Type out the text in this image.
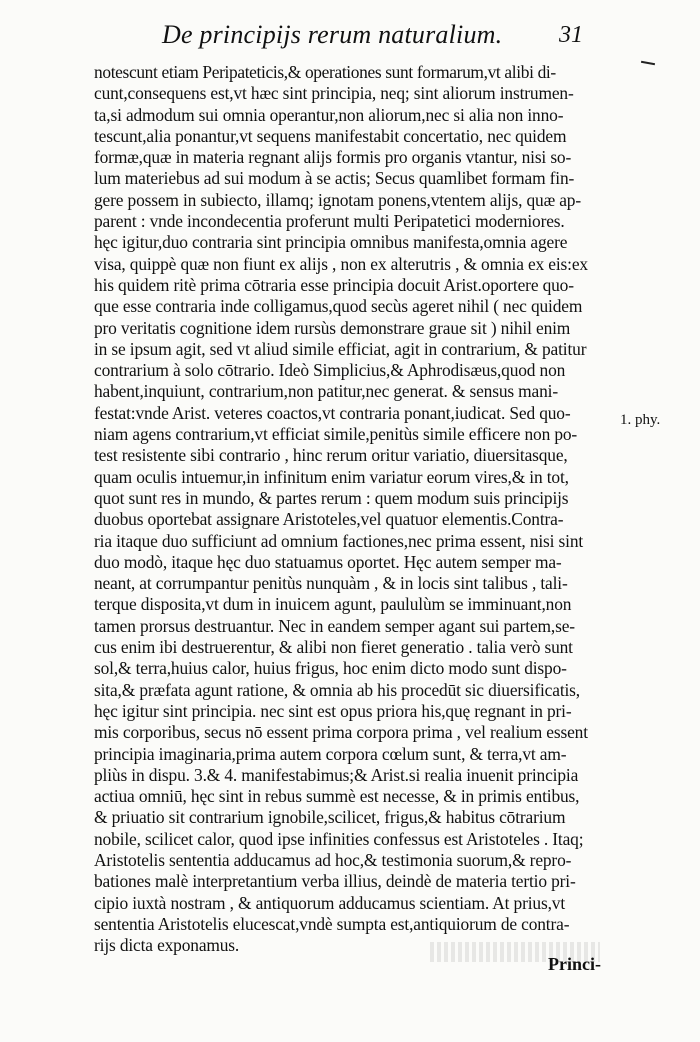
De principijs rerum naturalium. 31
notescunt etiam Peripateticis,& operationes sunt formarum,vt alibi di-
cunt,consequens est,vt hæc sint principia, neq; sint aliorum instrumen-
ta,si admodum sui omnia operantur,non aliorum,nec si alia non inno-
tescunt,alia ponantur,vt sequens manifestabit concertatio, nec quidem
formæ,quæ in materia regnant alijs formis pro organis vtantur, nisi so-
lum materiebus ad sui modum à se actis; Secus quamlibet formam fin-
gere possem in subiecto, illamq; ignotam ponens,vtentem alijs, quæ ap-
parent : vnde incondecentia proferunt multi Peripatetici moderniores.
hęc igitur,duo contraria sint principia omnibus manifesta,omnia agere
visa, quippè quæ non fiunt ex alijs , non ex alterutris , & omnia ex eis:ex
his quidem ritè prima cōtraria esse principia docuit Arist.oportere quo-
que esse contraria inde colligamus,quod secùs ageret nihil ( nec quidem
pro veritatis cognitione idem rursùs demonstrare graue sit ) nihil enim
in se ipsum agit, sed vt aliud simile efficiat, agit in contrarium, & patitur
contrarium à solo cōtrario. Ideò Simplicius,& Aphrodisæus,quod non
habent,inquiunt, contrarium,non patitur,nec generat. & sensus mani-
festat:vnde Arist. veteres coactos,vt contraria ponant,iudicat. Sed quo-
niam agens contrarium,vt efficiat simile,penitùs simile efficere non po-
test resistente sibi contrario , hinc rerum oritur variatio, diuersitasque,
quam oculis intuemur,in infinitum enim variatur eorum vires,& in tot,
quot sunt res in mundo, & partes rerum : quem modum suis principijs
duobus oportebat assignare Aristoteles,vel quatuor elementis.Contra-
ria itaque duo sufficiunt ad omnium factiones,nec prima essent, nisi sint
duo modò, itaque hęc duo statuamus oportet. Hęc autem semper ma-
neant, at corrumpantur penitùs nunquàm , & in locis sint talibus , tali-
terque disposita,vt dum in inuicem agunt, paululùm se imminuant,non
tamen prorsus destruantur. Nec in eandem semper agant sui partem,se-
cus enim ibi destruerentur, & alibi non fieret generatio . talia verò sunt
sol,& terra,huius calor, huius frigus, hoc enim dicto modo sunt dispo-
sita,& præfata agunt ratione, & omnia ab his procedūt sic diuersificatis,
hęc igitur sint principia. nec sint est opus priora his,quę regnant in pri-
mis corporibus, secus nō essent prima corpora prima , vel realium essent
principia imaginaria,prima autem corpora cœlum sunt, & terra,vt am-
pliùs in dispu. 3.& 4. manifestabimus;& Arist.si realia inuenit principia
actiua omniū, hęc sint in rebus summè est necesse, & in primis entibus,
& priuatio sit contrarium ignobile,scilicet, frigus,& habitus cōtrarium
nobile, scilicet calor, quod ipse infinities confessus est Aristoteles . Itaq;
Aristotelis sententia adducamus ad hoc,& testimonia suorum,& repro-
bationes malè interpretantium verba illius, deindè de materia tertio pri-
cipio iuxtà nostram , & antiquorum adducamus scientiam. At prius,vt
sententia Aristotelis elucescat,vndè sumpta est,antiquiorum de contra-
rijs dicta exponamus.
1. phy.
Princi-
